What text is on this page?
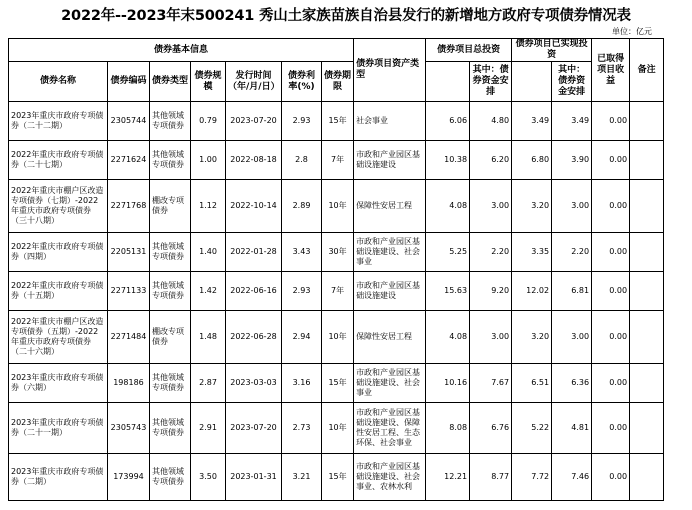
2022年--2023年末500241 秀山土家族苗族自治县发行的新增地方政府专项债券情况表
单位：亿元
债券基本信息							债券项目资产类型	债券项目总投资		债券项目已实现投资		已取得项目收益	备注
债券名称	债券编码	债券类型	债券规模	发行时间（年/月/日）	债券利率(%)	债券期限			其中：债券资金安排		其中：债券资金安排		
2023年重庆市政府专项债券（二十二期）	2305744	其他领域专项债券	0.79	2023-07-20	2.93	15年	社会事业	6.06	4.80	3.49	3.49	0.00	
2022年重庆市政府专项债券（二十七期）	2271624	其他领域专项债券	1.00	2022-08-18	2.8	7年	市政和产业园区基础设施建设	10.38	6.20	6.80	3.90	0.00	
2022年重庆市棚户区改造专项债券（七期）-2022年重庆市政府专项债券（三十八期）	2271768	棚改专项债券	1.12	2022-10-14	2.89	10年	保障性安居工程	4.08	3.00	3.20	3.00	0.00	
2022年重庆市政府专项债券（四期）	2205131	其他领域专项债券	1.40	2022-01-28	3.43	30年	市政和产业园区基础设施建设、社会事业	5.25	2.20	3.35	2.20	0.00	
2022年重庆市政府专项债券（十五期）	2271133	其他领域专项债券	1.42	2022-06-16	2.93	7年	市政和产业园区基础设施建设	15.63	9.20	12.02	6.81	0.00	
2022年重庆市棚户区改造专项债券（五期）-2022年重庆市政府专项债券（二十六期）	2271484	棚改专项债券	1.48	2022-06-28	2.94	10年	保障性安居工程	4.08	3.00	3.20	3.00	0.00	
2023年重庆市政府专项债券（六期）	198186	其他领域专项债券	2.87	2023-03-03	3.16	15年	市政和产业园区基础设施建设、社会事业	10.16	7.67	6.51	6.36	0.00	
2023年重庆市政府专项债券（二十一期）	2305743	其他领域专项债券	2.91	2023-07-20	2.73	10年	市政和产业园区基础设施建设、保障性安居工程、生态环保、社会事业	8.08	6.76	5.22	4.81	0.00	
2023年重庆市政府专项债券（二期）	173994	其他领域专项债券	3.50	2023-01-31	3.21	15年	市政和产业园区基础设施建设、社会事业、农林水利	12.21	8.77	7.72	7.46	0.00	
